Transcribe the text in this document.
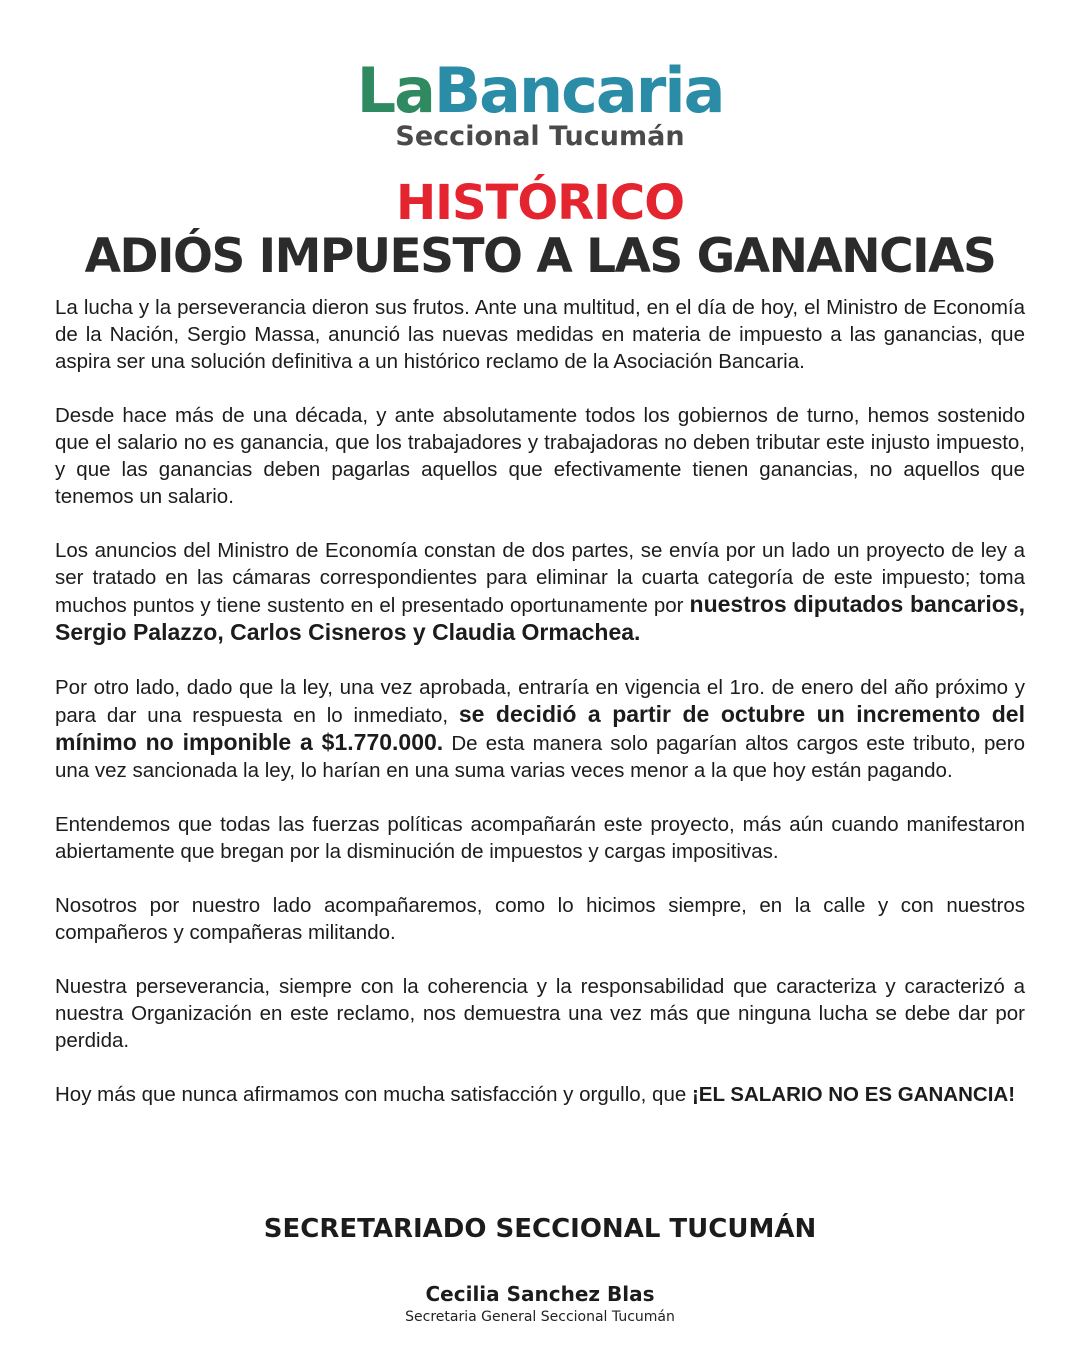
LaBancaria
Seccional Tucumán
HISTÓRICO
ADIÓS IMPUESTO A LAS GANANCIAS

La lucha y la perseverancia dieron sus frutos. Ante una multitud, en el día de hoy, el Ministro de Economía de la Nación, Sergio Massa, anunció las nuevas medidas en materia de impuesto a las ganancias, que aspira ser una solución definitiva a un histórico reclamo de la Asociación Bancaria.

Desde hace más de una década, y ante absolutamente todos los gobiernos de turno, hemos sostenido que el salario no es ganancia, que los trabajadores y trabajadoras no deben tributar este injusto impuesto, y que las ganancias deben pagarlas aquellos que efectivamente tienen ganancias, no aquellos que tenemos un salario.

Los anuncios del Ministro de Economía constan de dos partes, se envía por un lado un proyecto de ley a ser tratado en las cámaras correspondientes para eliminar la cuarta categoría de este impuesto; toma muchos puntos y tiene sustento en el presentado oportunamente por nuestros diputados bancarios, Sergio Palazzo, Carlos Cisneros y Claudia Ormachea.

Por otro lado, dado que la ley, una vez aprobada, entraría en vigencia el 1ro. de enero del año próximo y para dar una respuesta en lo inmediato, se decidió a partir de octubre un incremento del mínimo no imponible a $1.770.000. De esta manera solo pagarían altos cargos este tributo, pero una vez sancionada la ley, lo harían en una suma varias veces menor a la que hoy están pagando.

Entendemos que todas las fuerzas políticas acompañarán este proyecto, más aún cuando manifestaron abiertamente que bregan por la disminución de impuestos y cargas impositivas.

Nosotros por nuestro lado acompañaremos, como lo hicimos siempre, en la calle y con nuestros compañeros y compañeras militando.

Nuestra perseverancia, siempre con la coherencia y la responsabilidad que caracteriza y caracterizó a nuestra Organización en este reclamo, nos demuestra una vez más que ninguna lucha se debe dar por perdida.

Hoy más que nunca afirmamos con mucha satisfacción y orgullo, que ¡EL SALARIO NO ES GANANCIA!

SECRETARIADO SECCIONAL TUCUMÁN
Cecilia Sanchez Blas
Secretaria General Seccional Tucumán
